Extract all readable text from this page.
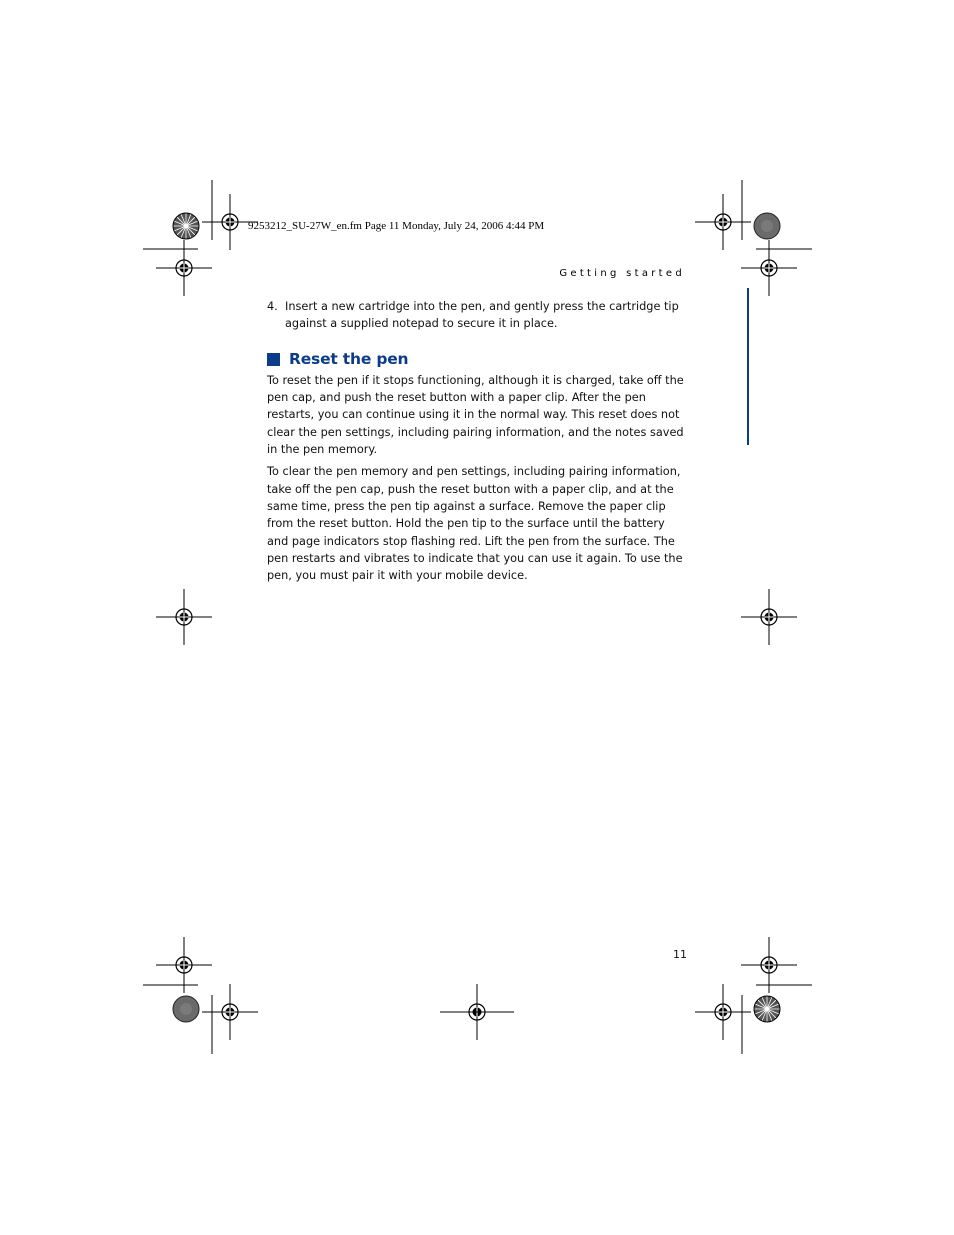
9253212_SU-27W_en.fm Page 11 Monday, July 24, 2006 4:44 PM
Getting started
4. Insert a new cartridge into the pen, and gently press the cartridge tip against a supplied notepad to secure it in place.
Reset the pen

To reset the pen if it stops functioning, although it is charged, take off the pen cap, and push the reset button with a paper clip. After the pen restarts, you can continue using it in the normal way. This reset does not clear the pen settings, including pairing information, and the notes saved in the pen memory.

To clear the pen memory and pen settings, including pairing information, take off the pen cap, push the reset button with a paper clip, and at the same time, press the pen tip against a surface. Remove the paper clip from the reset button. Hold the pen tip to the surface until the battery and page indicators stop flashing red. Lift the pen from the surface. The pen restarts and vibrates to indicate that you can use it again. To use the pen, you must pair it with your mobile device.

11
